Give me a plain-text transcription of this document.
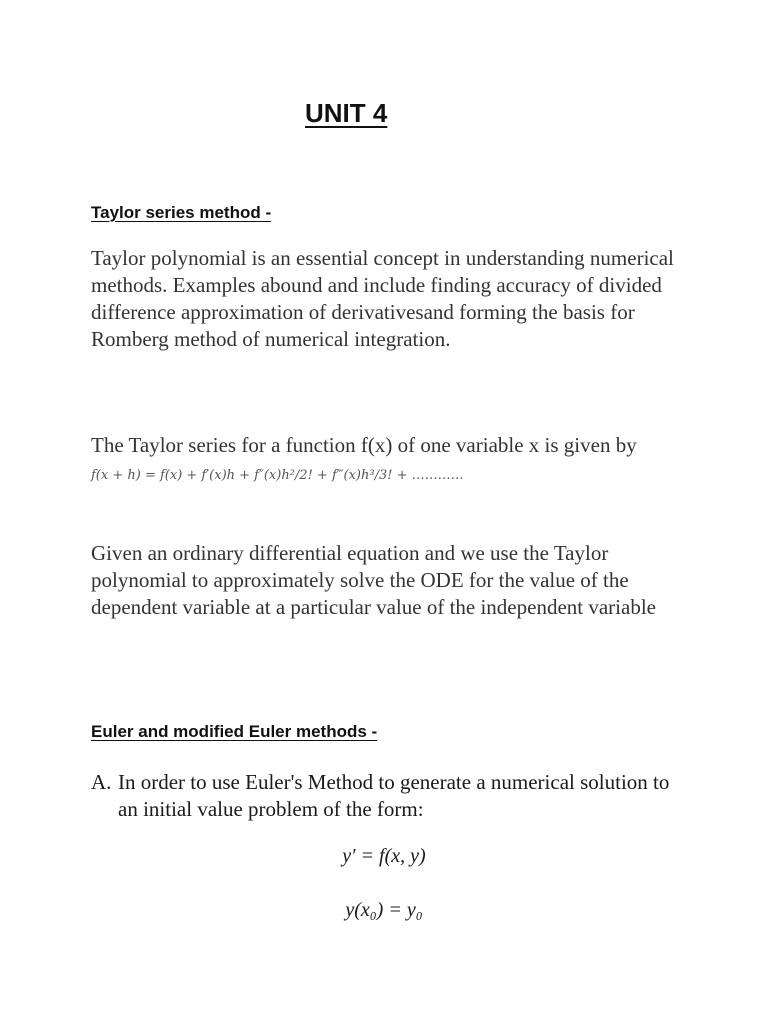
UNIT 4
Taylor series method -

Taylor polynomial is an essential concept in understanding numerical methods. Examples abound and include finding accuracy of divided difference approximation of derivativesand forming the basis for Romberg method of numerical integration.

The Taylor series for a function f(x) of one variable x is given by

f(x + h) = f(x) + f′(x)h + f″(x)h²/2! + f‴(x)h³/3! + …………

Given an ordinary differential equation and we use the Taylor polynomial to approximately solve the ODE for the value of the dependent variable at a particular value of the independent variable

Euler and modified Euler methods -
A. In order to use Euler's Method to generate a numerical solution to an initial value problem of the form:
y′ = f(x, y)
y(x₀) = y₀
